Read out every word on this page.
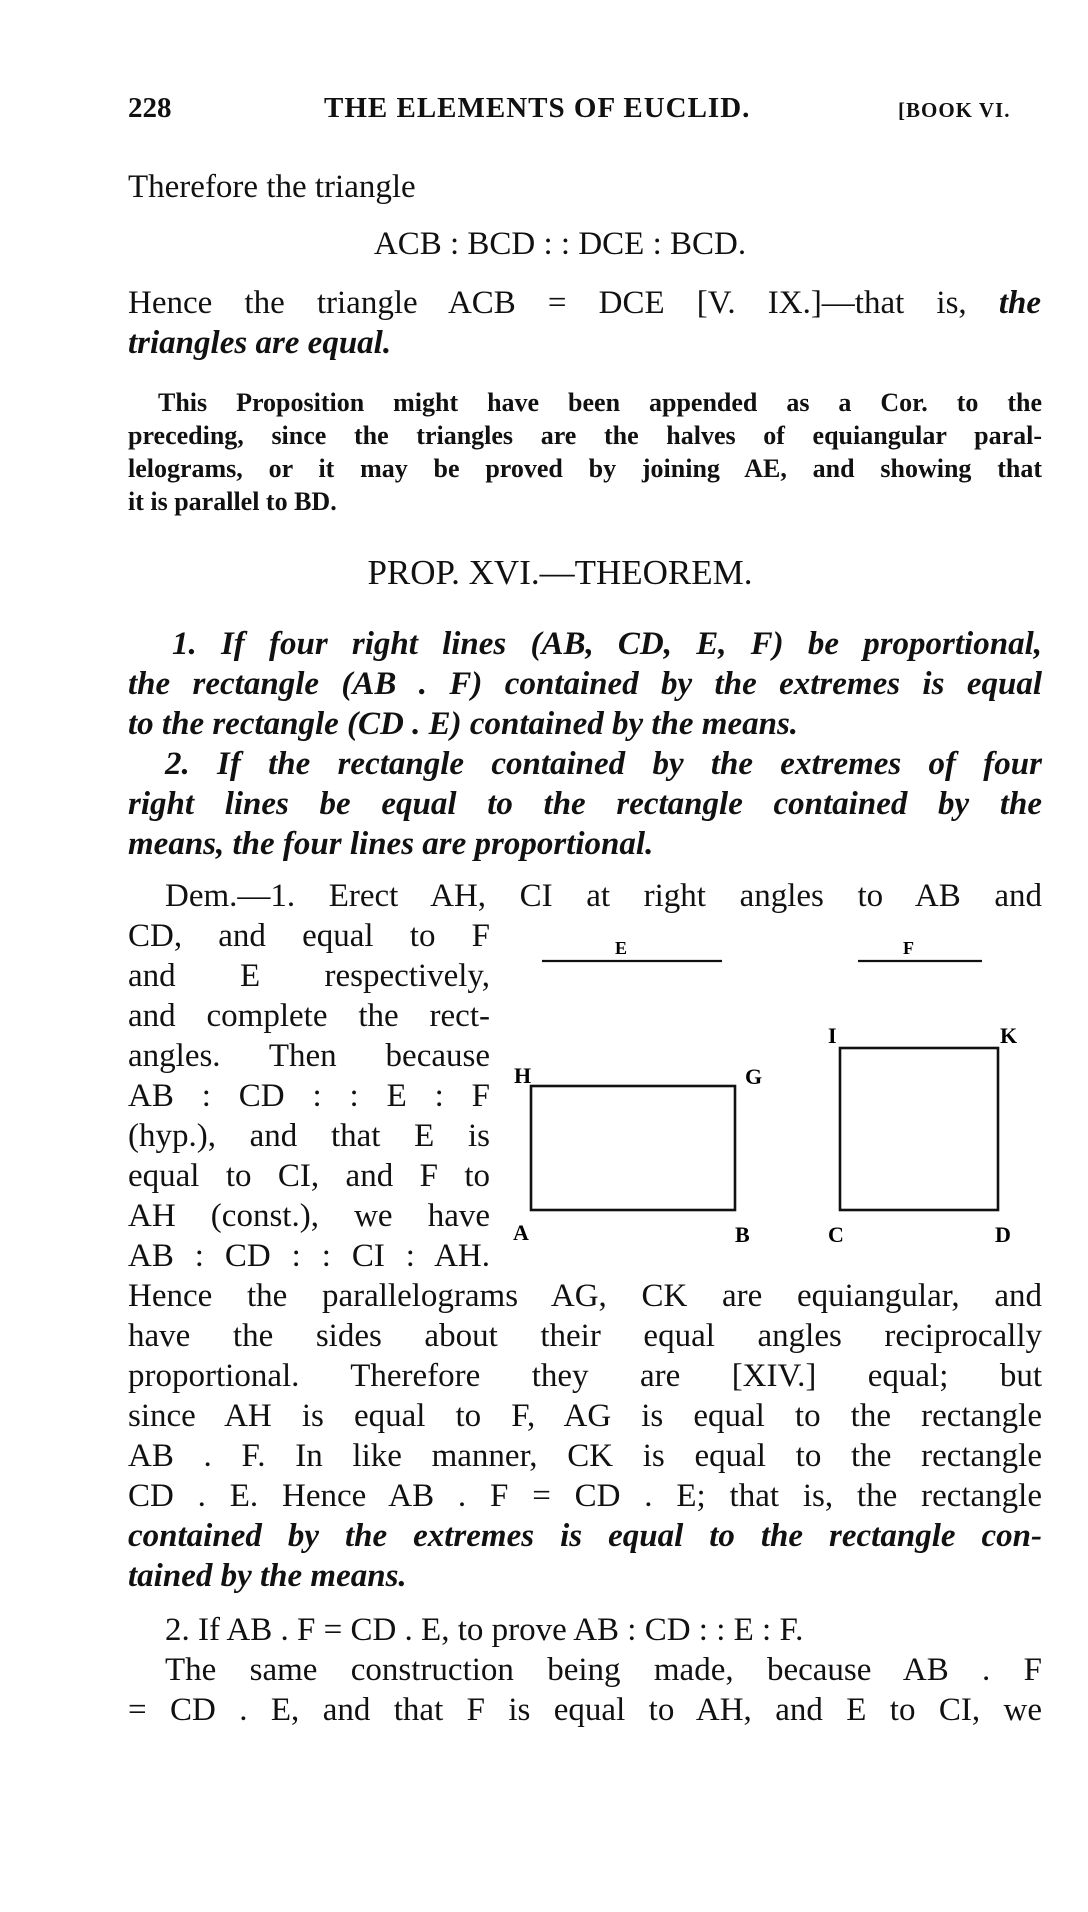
228	THE ELEMENTS OF EUCLID.	[BOOK VI.

Therefore the triangle

ACB : BCD : : DCE : BCD.

Hence the triangle ACB = DCE [V. IX.]—that is, the

triangles are equal.

This Proposition might have been appended as a Cor. to the

preceding, since the triangles are the halves of equiangular paral-

lelograms, or it may be proved by joining AE, and showing that

it is parallel to BD.

PROP. XVI.—THEOREM.

1. If four right lines (AB, CD, E, F) be proportional,

the rectangle (AB . F) contained by the extremes is equal

to the rectangle (CD . E) contained by the means.

2. If the rectangle contained by the extremes of four

right lines be equal to the rectangle contained by the

means, the four lines are proportional.

Dem.—1. Erect AH, CI at right angles to AB and

CD, and equal to F

and E respectively,

and complete the rect-

angles. Then because

AB : CD : : E : F

(hyp.), and that E is

equal to CI, and F to

AH (const.), we have

AB : CD : : CI : AH.

E	F
H	G
I	K
A	B	C	D

Hence the parallelograms AG, CK are equiangular, and

have the sides about their equal angles reciprocally

proportional. Therefore they are [XIV.] equal; but

since AH is equal to F, AG is equal to the rectangle

AB . F. In like manner, CK is equal to the rectangle

CD . E. Hence AB . F = CD . E; that is, the rectangle

contained by the extremes is equal to the rectangle con-

tained by the means.

2. If AB . F = CD . E, to prove AB : CD : : E : F.

The same construction being made, because AB . F

= CD . E, and that F is equal to AH, and E to CI, we
